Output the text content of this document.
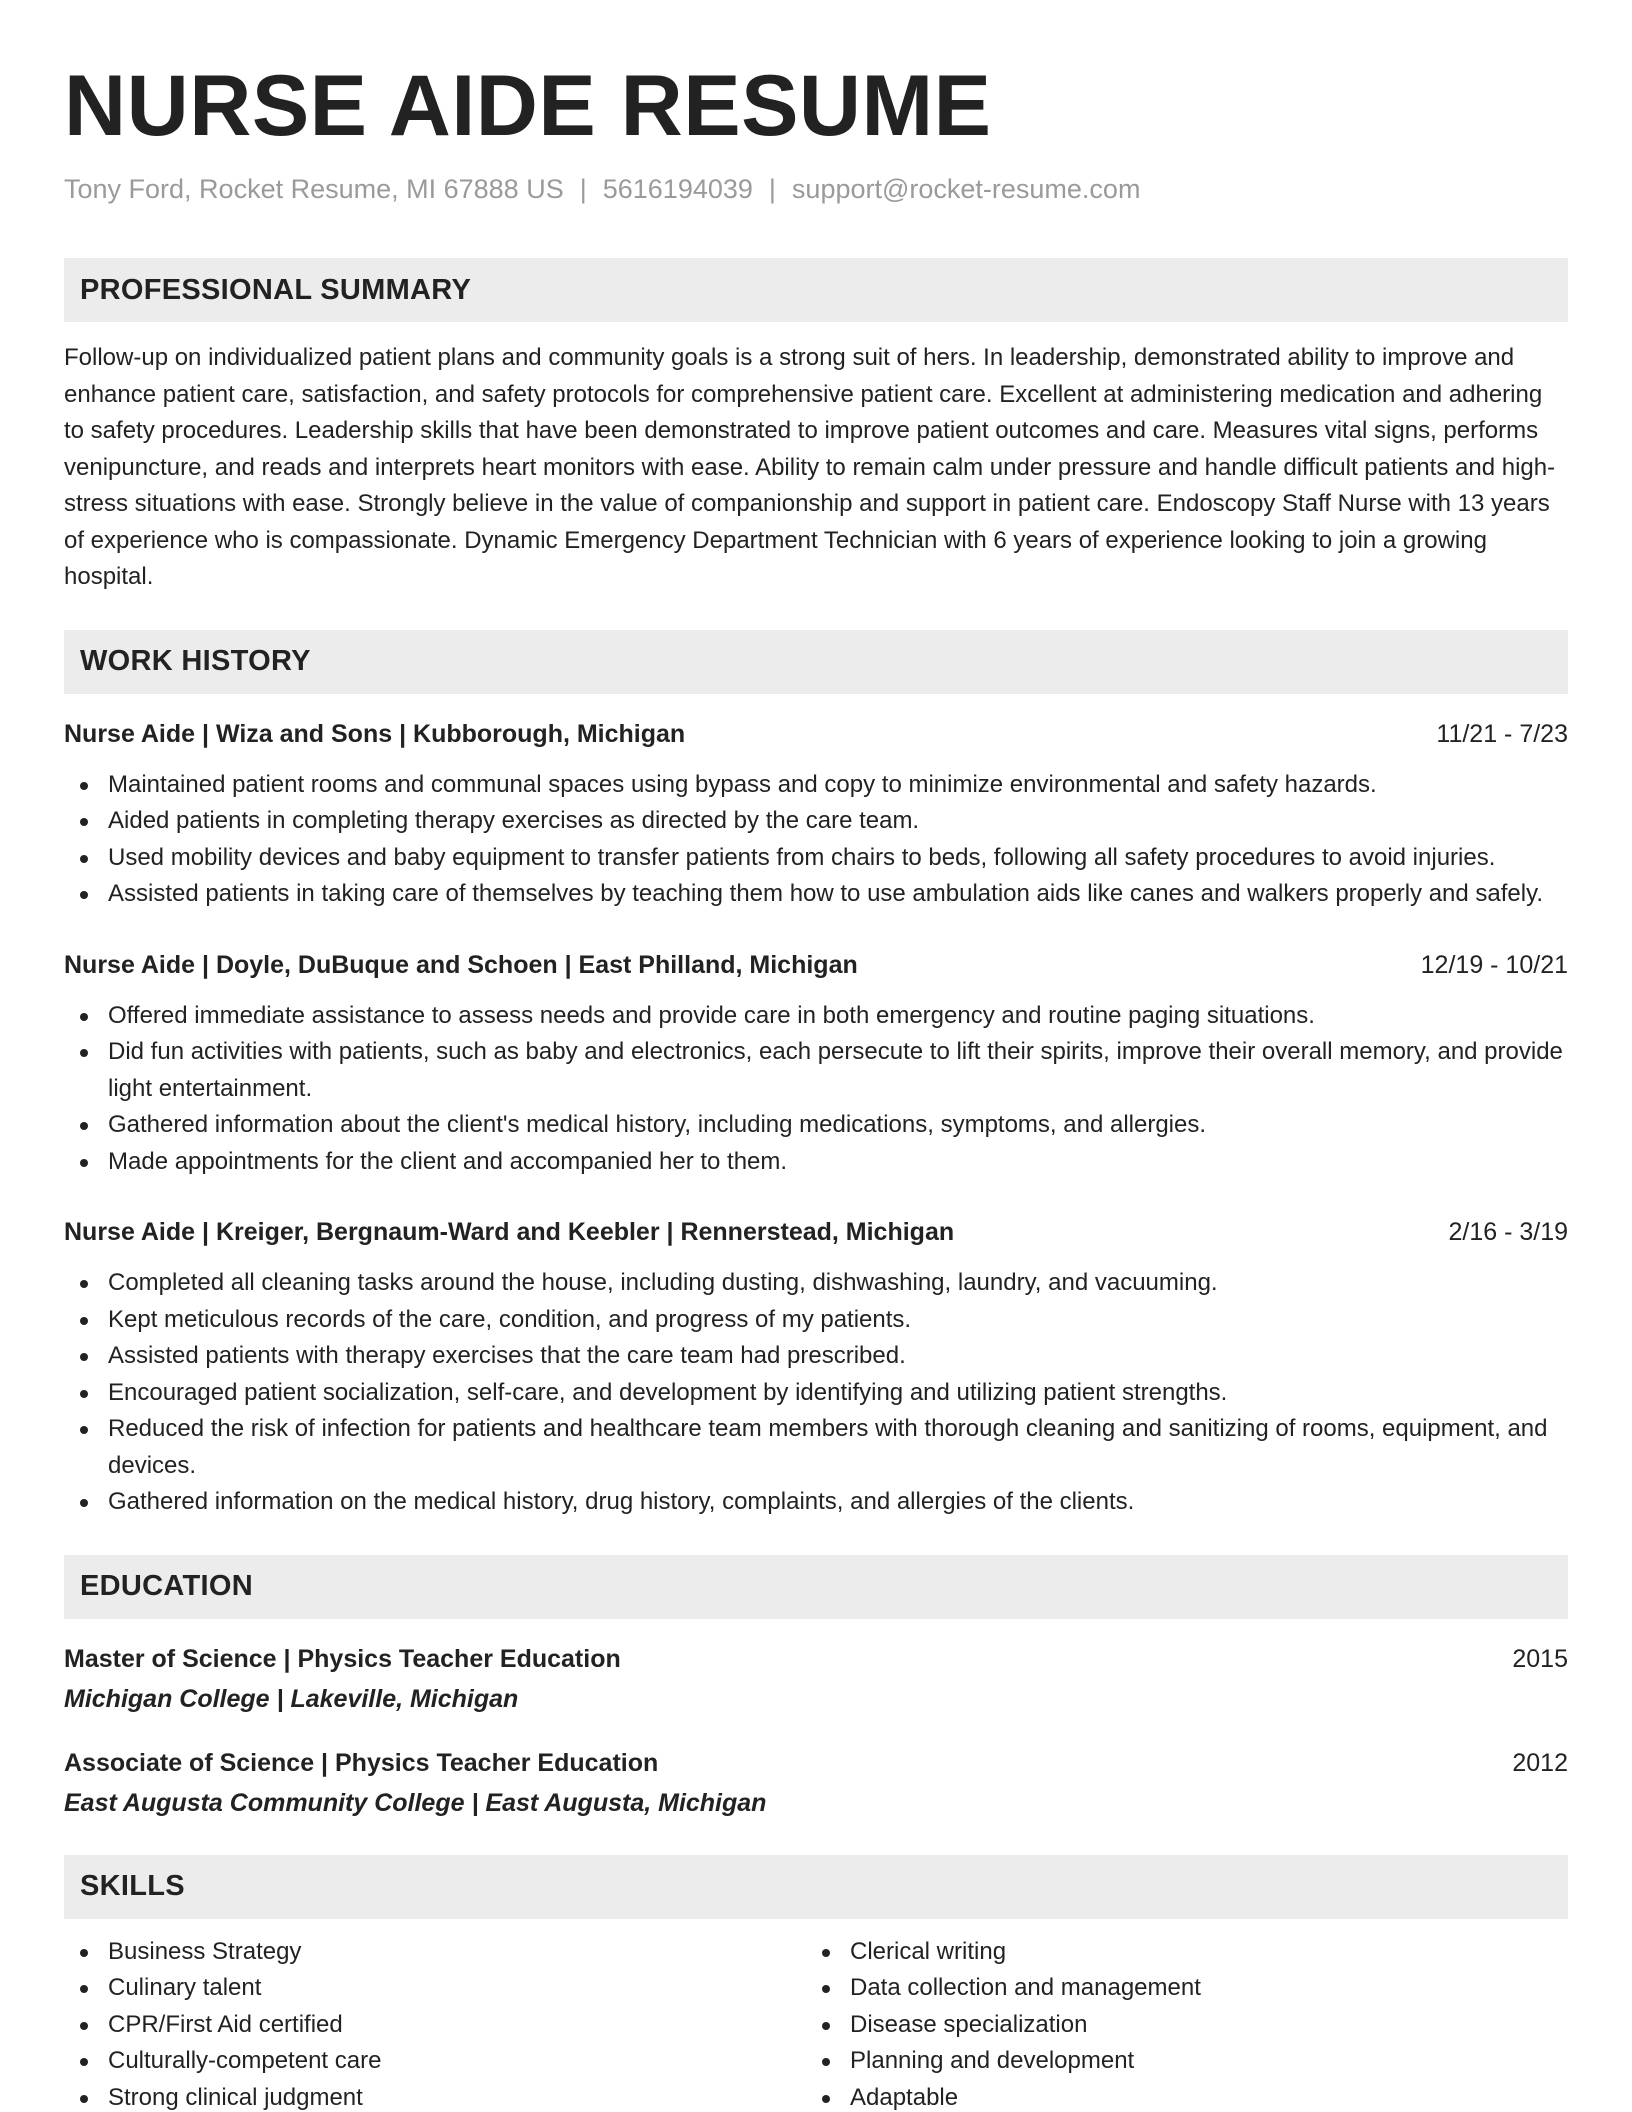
NURSE AIDE RESUME
Tony Ford, Rocket Resume, MI 67888 US | 5616194039 | support@rocket-resume.com
PROFESSIONAL SUMMARY

Follow-up on individualized patient plans and community goals is a strong suit of hers. In leadership, demonstrated ability to improve and enhance patient care, satisfaction, and safety protocols for comprehensive patient care. Excellent at administering medication and adhering to safety procedures. Leadership skills that have been demonstrated to improve patient outcomes and care. Measures vital signs, performs venipuncture, and reads and interprets heart monitors with ease. Ability to remain calm under pressure and handle difficult patients and high-stress situations with ease. Strongly believe in the value of companionship and support in patient care. Endoscopy Staff Nurse with 13 years of experience who is compassionate. Dynamic Emergency Department Technician with 6 years of experience looking to join a growing hospital.

WORK HISTORY
Nurse Aide | Wiza and Sons | Kubborough, Michigan	11/21 - 7/23
Maintained patient rooms and communal spaces using bypass and copy to minimize environmental and safety hazards.
Aided patients in completing therapy exercises as directed by the care team.
Used mobility devices and baby equipment to transfer patients from chairs to beds, following all safety procedures to avoid injuries.
Assisted patients in taking care of themselves by teaching them how to use ambulation aids like canes and walkers properly and safely.
Nurse Aide | Doyle, DuBuque and Schoen | East Philland, Michigan	12/19 - 10/21
Offered immediate assistance to assess needs and provide care in both emergency and routine paging situations.
Did fun activities with patients, such as baby and electronics, each persecute to lift their spirits, improve their overall memory, and provide light entertainment.
Gathered information about the client's medical history, including medications, symptoms, and allergies.
Made appointments for the client and accompanied her to them.
Nurse Aide | Kreiger, Bergnaum-Ward and Keebler | Rennerstead, Michigan	2/16 - 3/19
Completed all cleaning tasks around the house, including dusting, dishwashing, laundry, and vacuuming.
Kept meticulous records of the care, condition, and progress of my patients.
Assisted patients with therapy exercises that the care team had prescribed.
Encouraged patient socialization, self-care, and development by identifying and utilizing patient strengths.
Reduced the risk of infection for patients and healthcare team members with thorough cleaning and sanitizing of rooms, equipment, and devices.
Gathered information on the medical history, drug history, complaints, and allergies of the clients.
EDUCATION
Master of Science | Physics Teacher Education	2015
Michigan College | Lakeville, Michigan
Associate of Science | Physics Teacher Education	2012
East Augusta Community College | East Augusta, Michigan
SKILLS
Business Strategy
Culinary talent
CPR/First Aid certified
Culturally-competent care
Strong clinical judgment
Clerical writing
Data collection and management
Disease specialization
Planning and development
Adaptable
